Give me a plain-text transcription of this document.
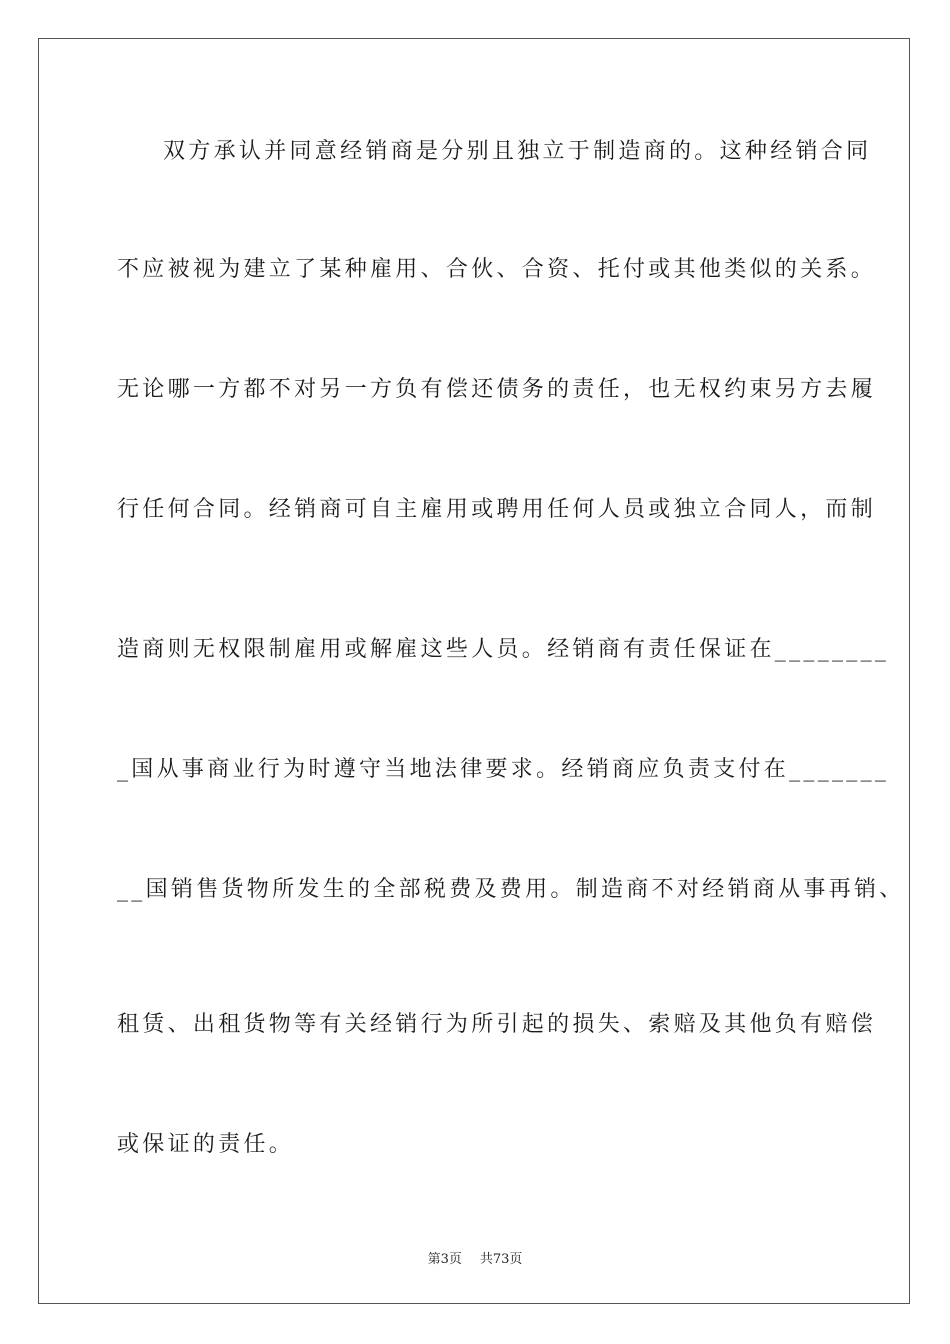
双方承认并同意经销商是分别且独立于制造商的。这种经销合同
不应被视为建立了某种雇用、合伙、合资、托付或其他类似的关系。
无论哪一方都不对另一方负有偿还债务的责任，也无权约束另方去履
行任何合同。经销商可自主雇用或聘用任何人员或独立合同人，而制
造商则无权限制雇用或解雇这些人员。经销商有责任保证在________
_国从事商业行为时遵守当地法律要求。经销商应负责支付在_______
__国销售货物所发生的全部税费及费用。制造商不对经销商从事再销、
租赁、出租货物等有关经销行为所引起的损失、索赔及其他负有赔偿
或保证的责任。
第3页 共73页
